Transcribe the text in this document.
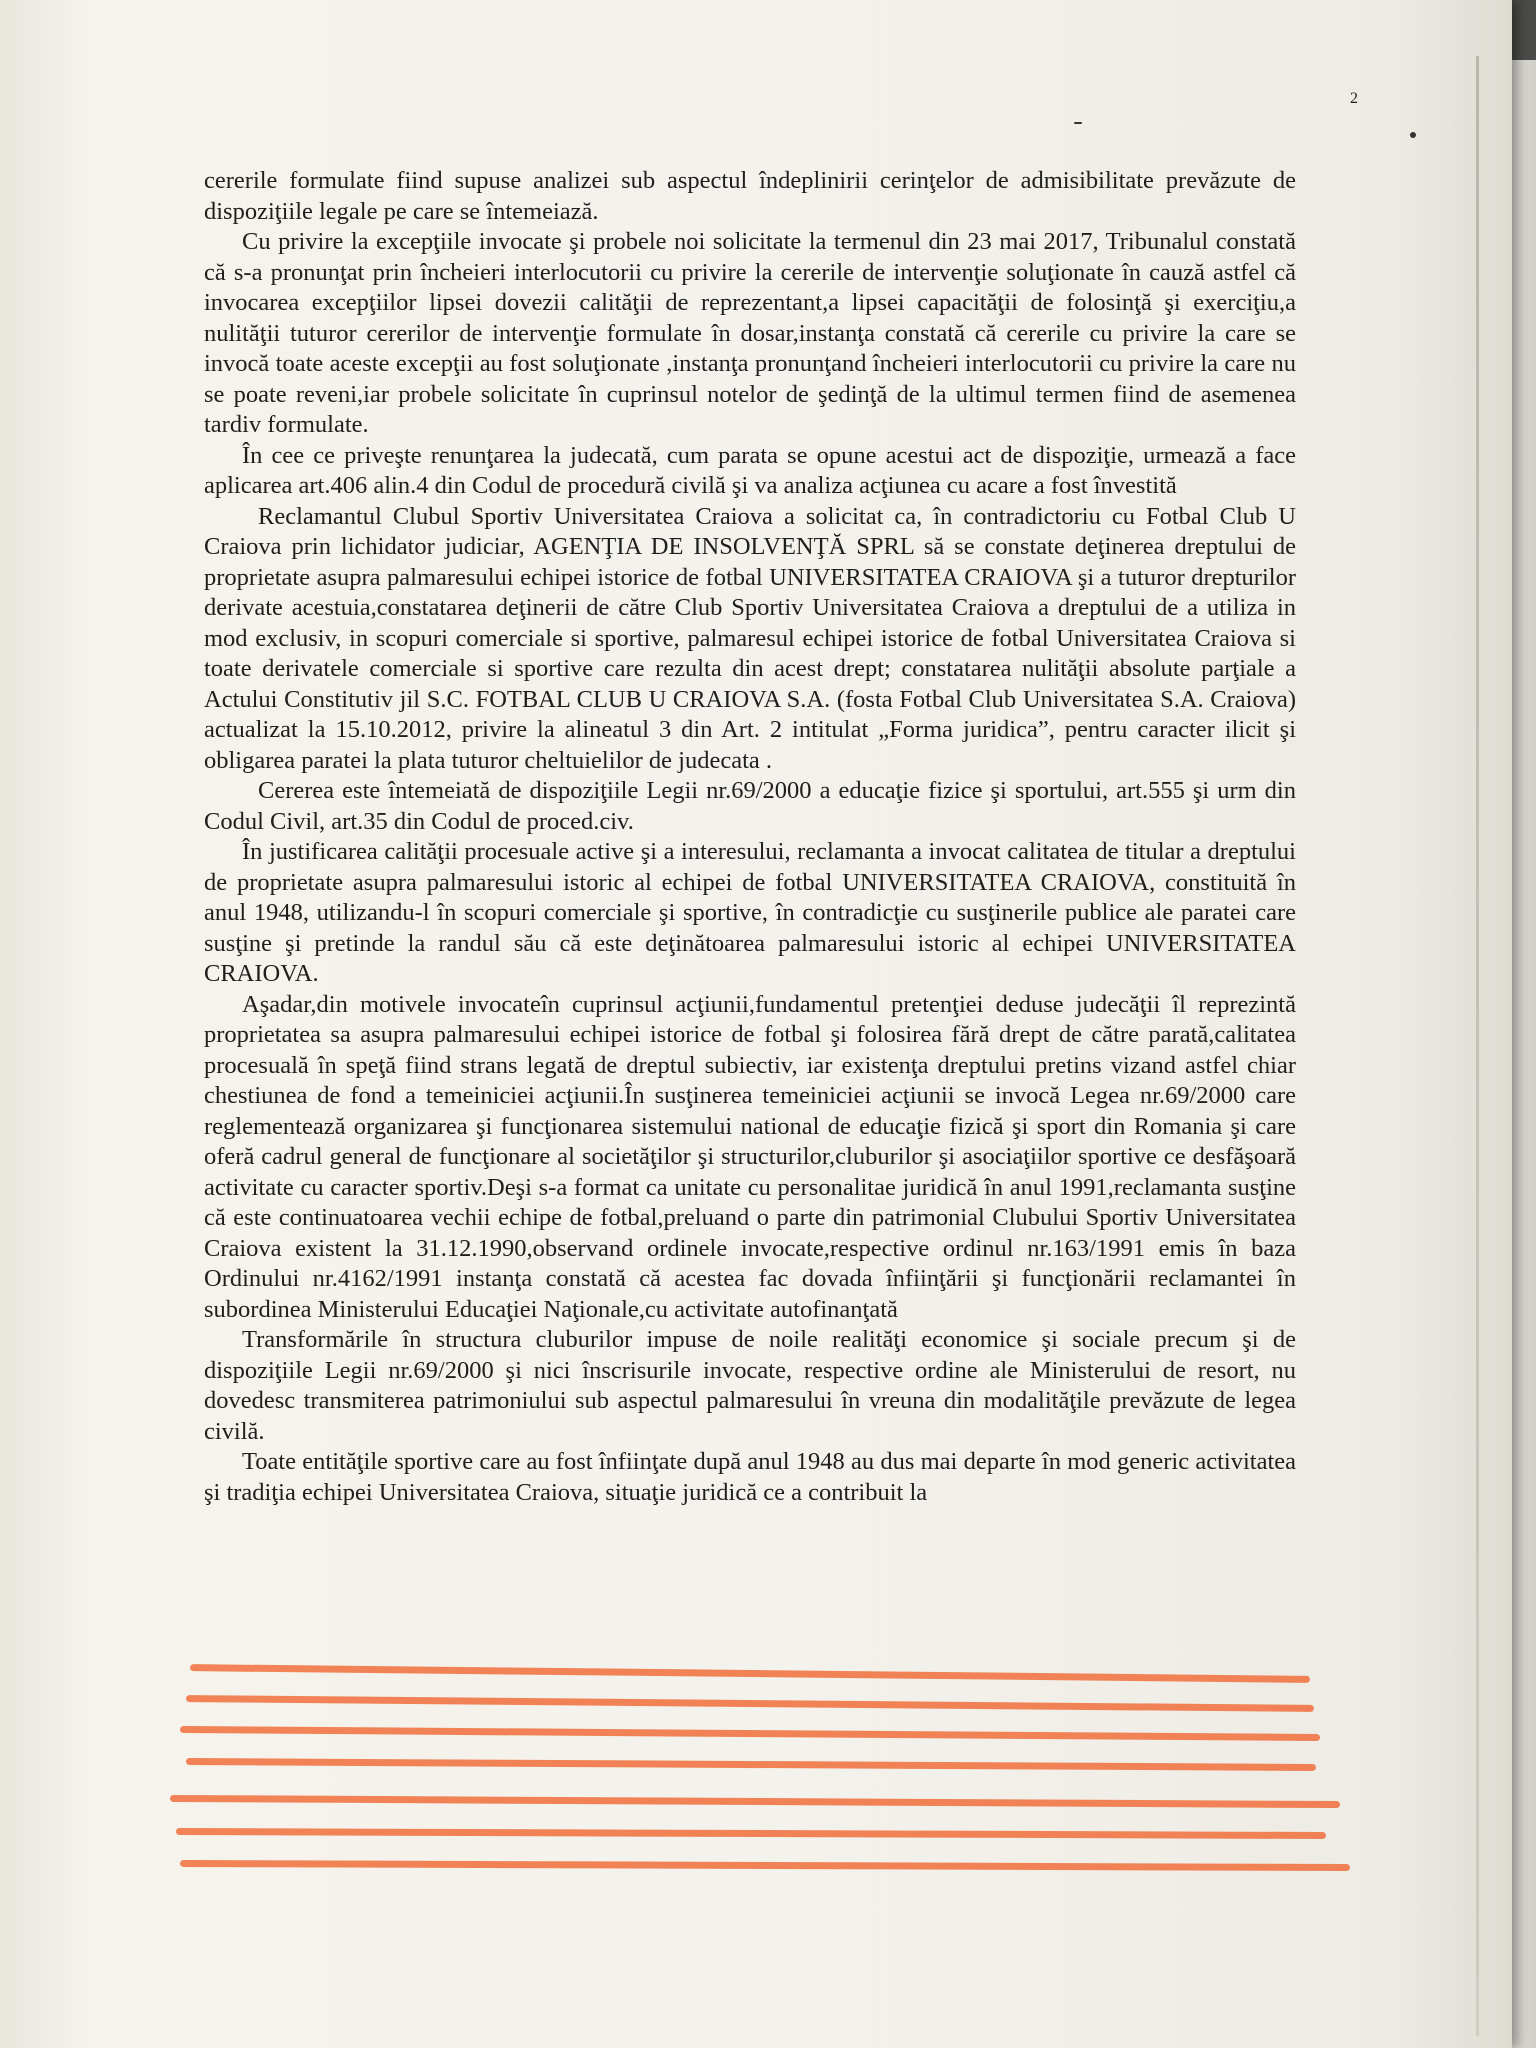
2

cererile formulate fiind supuse analizei sub aspectul îndeplinirii cerinţelor de admisibilitate prevăzute de dispoziţiile legale pe care se întemeiază.

Cu privire la excepţiile invocate şi probele noi solicitate la termenul din 23 mai 2017, Tribunalul constată că s-a pronunţat prin încheieri interlocutorii cu privire la cererile de intervenţie soluţionate în cauză astfel că invocarea excepţiilor lipsei dovezii calităţii de reprezentant,a lipsei capacităţii de folosinţă şi exerciţiu,a nulităţii tuturor cererilor de intervenţie formulate în dosar,instanţa constată că cererile cu privire la care se invocă toate aceste excepţii au fost soluţionate ,instanţa pronunţand încheieri interlocutorii cu privire la care nu se poate reveni,iar probele solicitate în cuprinsul notelor de şedinţă de la ultimul termen fiind de asemenea tardiv formulate.

În cee ce priveşte renunţarea la judecată, cum parata se opune acestui act de dispoziţie, urmează a face aplicarea art.406 alin.4 din Codul de procedură civilă şi va analiza acţiunea cu acare a fost învestită

Reclamantul Clubul Sportiv Universitatea Craiova a solicitat ca, în contradictoriu cu Fotbal Club U Craiova prin lichidator judiciar, AGENŢIA DE INSOLVENŢĂ SPRL să se constate deţinerea dreptului de proprietate asupra palmaresului echipei istorice de fotbal UNIVERSITATEA CRAIOVA şi a tuturor drepturilor derivate acestuia,constatarea deţinerii de către Club Sportiv Universitatea Craiova a dreptului de a utiliza in mod exclusiv, in scopuri comerciale si sportive, palmaresul echipei istorice de fotbal Universitatea Craiova si toate derivatele comerciale si sportive care rezulta din acest drept; constatarea nulităţii absolute parţiale a Actului Constitutiv jil S.C. FOTBAL CLUB U CRAIOVA S.A. (fosta Fotbal Club Universitatea S.A. Craiova) actualizat la 15.10.2012, privire la alineatul 3 din Art. 2 intitulat „Forma juridica”, pentru caracter ilicit şi obligarea paratei la plata tuturor cheltuielilor de judecata .

Cererea este întemeiată de dispoziţiile Legii nr.69/2000 a educaţie fizice şi sportului, art.555 şi urm din Codul Civil, art.35 din Codul de proced.civ.

În justificarea calităţii procesuale active şi a interesului, reclamanta a invocat calitatea de titular a dreptului de proprietate asupra palmaresului istoric al echipei de fotbal UNIVERSITATEA CRAIOVA, constituită în anul 1948, utilizandu-l în scopuri comerciale şi sportive, în contradicţie cu susţinerile publice ale paratei care susţine şi pretinde la randul său că este deţinătoarea palmaresului istoric al echipei UNIVERSITATEA CRAIOVA.

Aşadar,din motivele invocateîn cuprinsul acţiunii,fundamentul pretenţiei deduse judecăţii îl reprezintă proprietatea sa asupra palmaresului echipei istorice de fotbal şi folosirea fără drept de către parată,calitatea procesuală în speţă fiind strans legată de dreptul subiectiv, iar existenţa dreptului pretins vizand astfel chiar chestiunea de fond a temeiniciei acţiunii.În susţinerea temeiniciei acţiunii se invocă Legea nr.69/2000 care reglementează organizarea şi funcţionarea sistemului national de educaţie fizică şi sport din Romania şi care oferă cadrul general de funcţionare al societăţilor şi structurilor,cluburilor şi asociaţiilor sportive ce desfăşoară activitate cu caracter sportiv.Deşi s-a format ca unitate cu personalitae juridică în anul 1991,reclamanta susţine că este continuatoarea vechii echipe de fotbal,preluand o parte din patrimonial Clubului Sportiv Universitatea Craiova existent la 31.12.1990,observand ordinele invocate,respective ordinul nr.163/1991 emis în baza Ordinului nr.4162/1991 instanţa constată că acestea fac dovada înfiinţării şi funcţionării reclamantei în subordinea Ministerului Educaţiei Naţionale,cu activitate autofinanţată

Transformările în structura cluburilor impuse de noile realităţi economice şi sociale precum şi de dispoziţiile Legii nr.69/2000 şi nici înscrisurile invocate, respective ordine ale Ministerului de resort, nu dovedesc transmiterea patrimoniului sub aspectul palmaresului în vreuna din modalităţile prevăzute de legea civilă.

Toate entităţile sportive care au fost înfiinţate după anul 1948 au dus mai departe în mod generic activitatea şi tradiţia echipei Universitatea Craiova, situaţie juridică ce a contribuit la
